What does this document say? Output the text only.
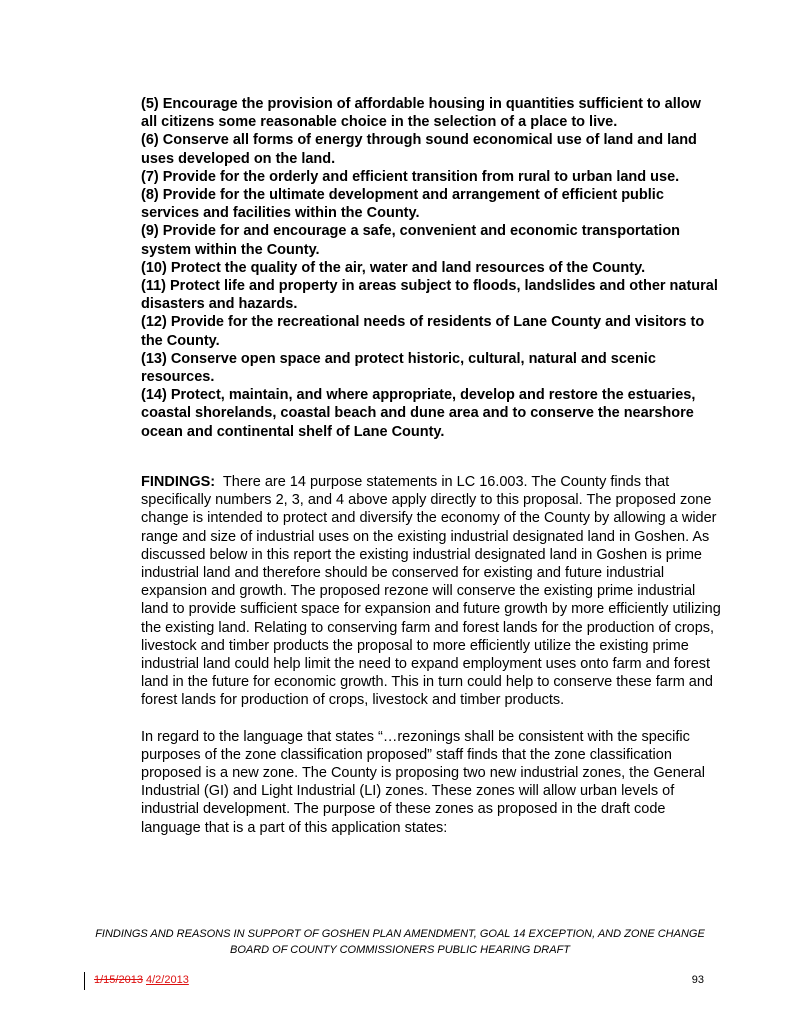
(5) Encourage the provision of affordable housing in quantities sufficient to allow all citizens some reasonable choice in the selection of a place to live.

(6) Conserve all forms of energy through sound economical use of land and land uses developed on the land.

(7) Provide for the orderly and efficient transition from rural to urban land use.

(8) Provide for the ultimate development and arrangement of efficient public services and facilities within the County.

(9) Provide for and encourage a safe, convenient and economic transportation system within the County.

(10) Protect the quality of the air, water and land resources of the County.

(11) Protect life and property in areas subject to floods, landslides and other natural disasters and hazards.

(12) Provide for the recreational needs of residents of Lane County and visitors to the County.

(13) Conserve open space and protect historic, cultural, natural and scenic resources.

(14) Protect, maintain, and where appropriate, develop and restore the estuaries, coastal shorelands, coastal beach and dune area and to conserve the nearshore ocean and continental shelf of Lane County.

FINDINGS: There are 14 purpose statements in LC 16.003. The County finds that specifically numbers 2, 3, and 4 above apply directly to this proposal. The proposed zone change is intended to protect and diversify the economy of the County by allowing a wider range and size of industrial uses on the existing industrial designated land in Goshen. As discussed below in this report the existing industrial designated land in Goshen is prime industrial land and therefore should be conserved for existing and future industrial expansion and growth. The proposed rezone will conserve the existing prime industrial land to provide sufficient space for expansion and future growth by more efficiently utilizing the existing land. Relating to conserving farm and forest lands for the production of crops, livestock and timber products the proposal to more efficiently utilize the existing prime industrial land could help limit the need to expand employment uses onto farm and forest land in the future for economic growth. This in turn could help to conserve these farm and forest lands for production of crops, livestock and timber products.

In regard to the language that states “…rezonings shall be consistent with the specific purposes of the zone classification proposed” staff finds that the zone classification proposed is a new zone. The County is proposing two new industrial zones, the General Industrial (GI) and Light Industrial (LI) zones. These zones will allow urban levels of industrial development. The purpose of these zones as proposed in the draft code language that is a part of this application states:

FINDINGS AND REASONS IN SUPPORT OF GOSHEN PLAN AMENDMENT, GOAL 14 EXCEPTION, AND ZONE CHANGE
BOARD OF COUNTY COMMISSIONERS PUBLIC HEARING DRAFT
1/15/2013 4/2/2013	93
